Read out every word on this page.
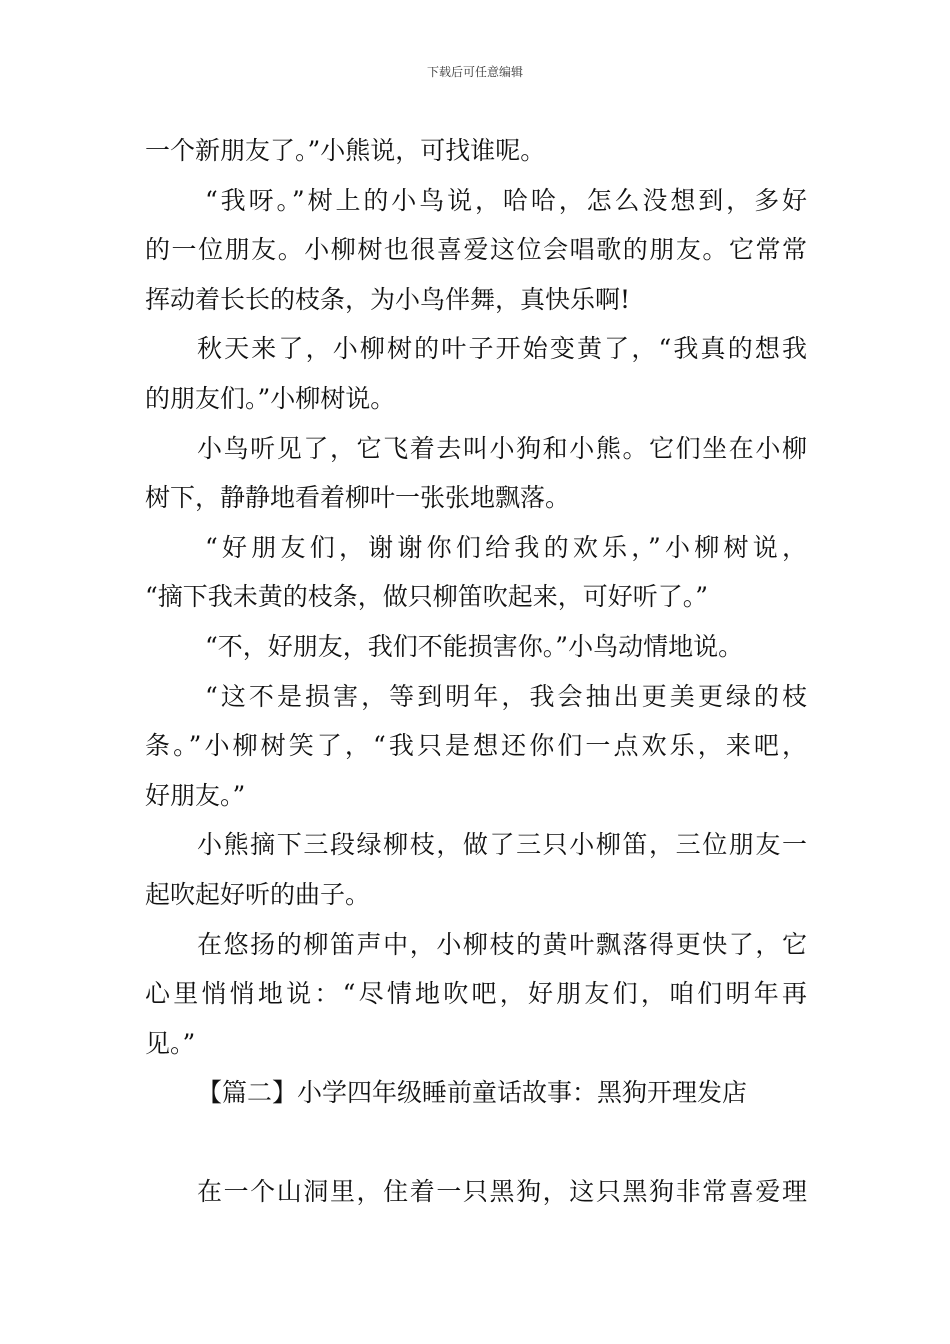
下载后可任意编辑
一个新朋友了。”小熊说，可找谁呢。
“我呀。”树上的小鸟说，哈哈，怎么没想到，多好
的一位朋友。小柳树也很喜爱这位会唱歌的朋友。它常常
挥动着长长的枝条，为小鸟伴舞，真快乐啊!
秋天来了，小柳树的叶子开始变黄了，“我真的想我
的朋友们。”小柳树说。
小鸟听见了，它飞着去叫小狗和小熊。它们坐在小柳
树下，静静地看着柳叶一张张地飘落。
“好朋友们，谢谢你们给我的欢乐，”小柳树说，
“摘下我未黄的枝条，做只柳笛吹起来，可好听了。”
“不，好朋友，我们不能损害你。”小鸟动情地说。
“这不是损害，等到明年，我会抽出更美更绿的枝
条。”小柳树笑了，“我只是想还你们一点欢乐，来吧，
好朋友。”
小熊摘下三段绿柳枝，做了三只小柳笛，三位朋友一
起吹起好听的曲子。
在悠扬的柳笛声中，小柳枝的黄叶飘落得更快了，它
心里悄悄地说：“尽情地吹吧，好朋友们，咱们明年再
见。”
【篇二】小学四年级睡前童话故事：黑狗开理发店
在一个山洞里，住着一只黑狗，这只黑狗非常喜爱理
